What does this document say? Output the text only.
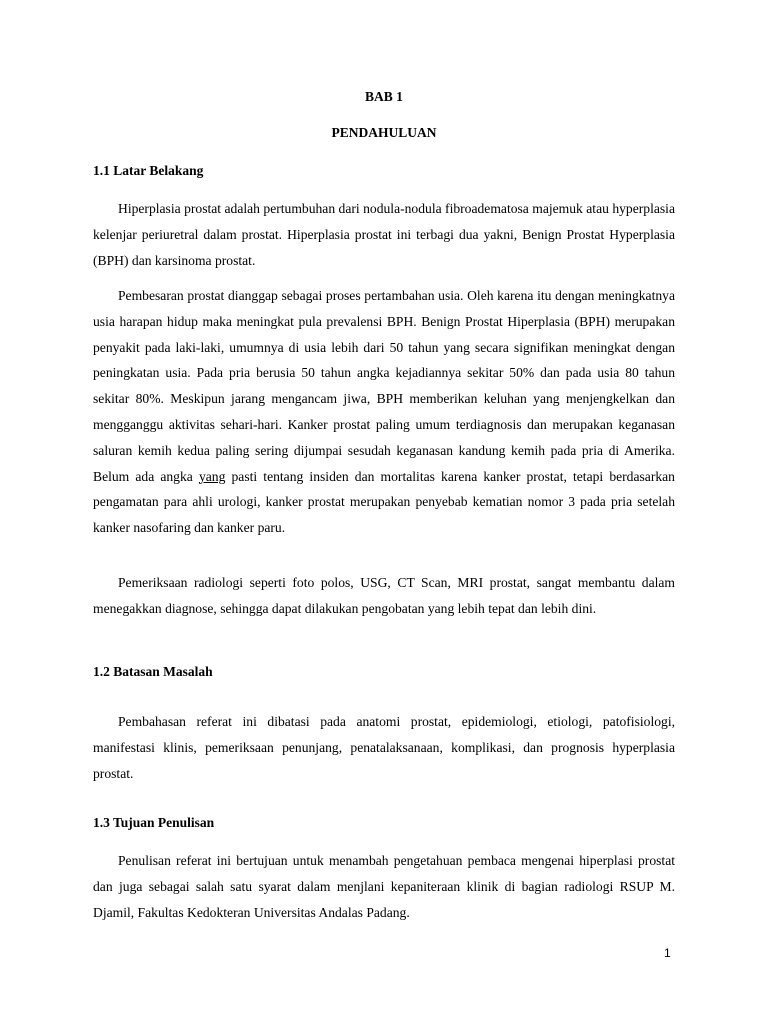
BAB 1
PENDAHULUAN
1.1 Latar Belakang

Hiperplasia prostat adalah pertumbuhan dari nodula-nodula fibroadematosa majemuk atau hyperplasia kelenjar periuretral dalam prostat. Hiperplasia prostat ini terbagi dua yakni, Benign Prostat Hyperplasia (BPH) dan karsinoma prostat.

Pembesaran prostat dianggap sebagai proses pertambahan usia. Oleh karena itu dengan meningkatnya usia harapan hidup maka meningkat pula prevalensi BPH. Benign Prostat Hiperplasia (BPH) merupakan penyakit pada laki-laki, umumnya di usia lebih dari 50 tahun yang secara signifikan meningkat dengan peningkatan usia. Pada pria berusia 50 tahun angka kejadiannya sekitar 50% dan pada usia 80 tahun sekitar 80%. Meskipun jarang mengancam jiwa, BPH memberikan keluhan yang menjengkelkan dan mengganggu aktivitas sehari-hari. Kanker prostat paling umum terdiagnosis dan merupakan keganasan saluran kemih kedua paling sering dijumpai sesudah keganasan kandung kemih pada pria di Amerika. Belum ada angka yang pasti tentang insiden dan mortalitas karena kanker prostat, tetapi berdasarkan pengamatan para ahli urologi, kanker prostat merupakan penyebab kematian nomor 3 pada pria setelah kanker nasofaring dan kanker paru.

Pemeriksaan radiologi seperti foto polos, USG, CT Scan, MRI prostat, sangat membantu dalam menegakkan diagnose, sehingga dapat dilakukan pengobatan yang lebih tepat dan lebih dini.

1.2 Batasan Masalah

Pembahasan referat ini dibatasi pada anatomi prostat, epidemiologi, etiologi, patofisiologi, manifestasi klinis, pemeriksaan penunjang, penatalaksanaan, komplikasi, dan prognosis hyperplasia prostat.

1.3 Tujuan Penulisan

Penulisan referat ini bertujuan untuk menambah pengetahuan pembaca mengenai hiperplasi prostat dan juga sebagai salah satu syarat dalam menjlani kepaniteraan klinik di bagian radiologi RSUP M. Djamil, Fakultas Kedokteran Universitas Andalas Padang.

1
